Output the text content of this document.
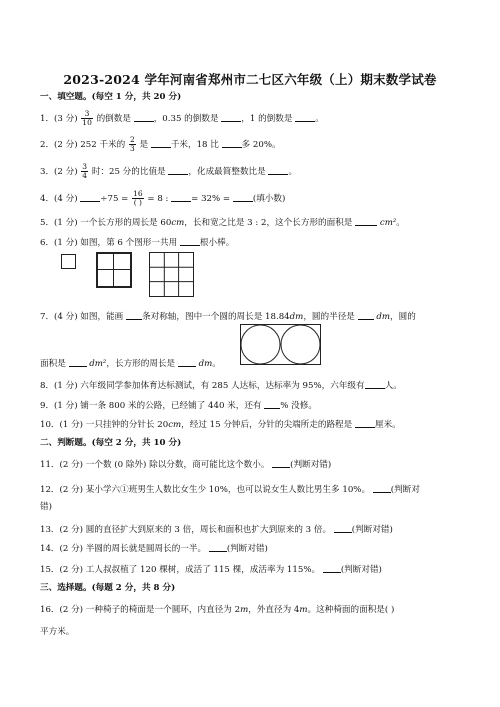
2023-2024 学年河南省郑州市二七区六年级（上）期末数学试卷
一、填空题。(每空 1 分，共 20 分)
1．(3 分) $\frac{3}{10}$ 的倒数是	，0.35 的倒数是	，1 的倒数是	。
2．(2 分) 252 千米的 $\frac{2}{3}$ 是	千米，18 比	多 20%。
3．(2 分) $\frac{3}{4}$ 时：25 分的比值是	，化成最简整数比是	。
4．(4 分)	$\div 75 = \frac{16}{( )} = 8$ :	= 32% =	(填小数)
5．(1 分) 一个长方形的周长是 60cm，长和宽之比是 3 : 2，这个长方形的面积是	cm²。
6．(1 分) 如图，第 6 个图形一共用	根小棒。
7．(4 分) 如图，能画 条对称轴，图中一个圆的周长是 18.84dm，圆的半径是 dm，圆的
面积是	dm²，长方形的周长是	dm。
8．(1 分) 六年级同学参加体育达标测试，有 285 人达标，达标率为 95%，六年级有 人。
9．(1 分) 铺一条 800 米的公路，已经铺了 440 米，还有 % 没修。
10．(1 分) 一只挂钟的分针长 20cm，经过 15 分钟后，分针的尖端所走的路程是	厘米。
二、判断题。(每空 2 分，共 10 分)
11．(2 分) 一个数 (0 除外) 除以分数，商可能比这个数小。 (判断对错)
12．(2 分) 某小学六①班男生人数比女生少 10%，也可以说女生人数比男生多 10%。 (判断对
错)
13．(2 分) 圆的直径扩大到原来的 3 倍，周长和面积也扩大到原来的 3 倍。 (判断对错)
14．(2 分) 半圆的周长就是圆周长的一半。 (判断对错)
15．(2 分) 工人叔叔植了 120 棵树，成活了 115 棵，成活率为 115%。 (判断对错)
三、选择题。(每题 2 分，共 8 分)
16．(2 分) 一种椅子的椅面是一个圆环，内直径为 2m，外直径为 4m。这种椅面的面积是( )
平方米。
